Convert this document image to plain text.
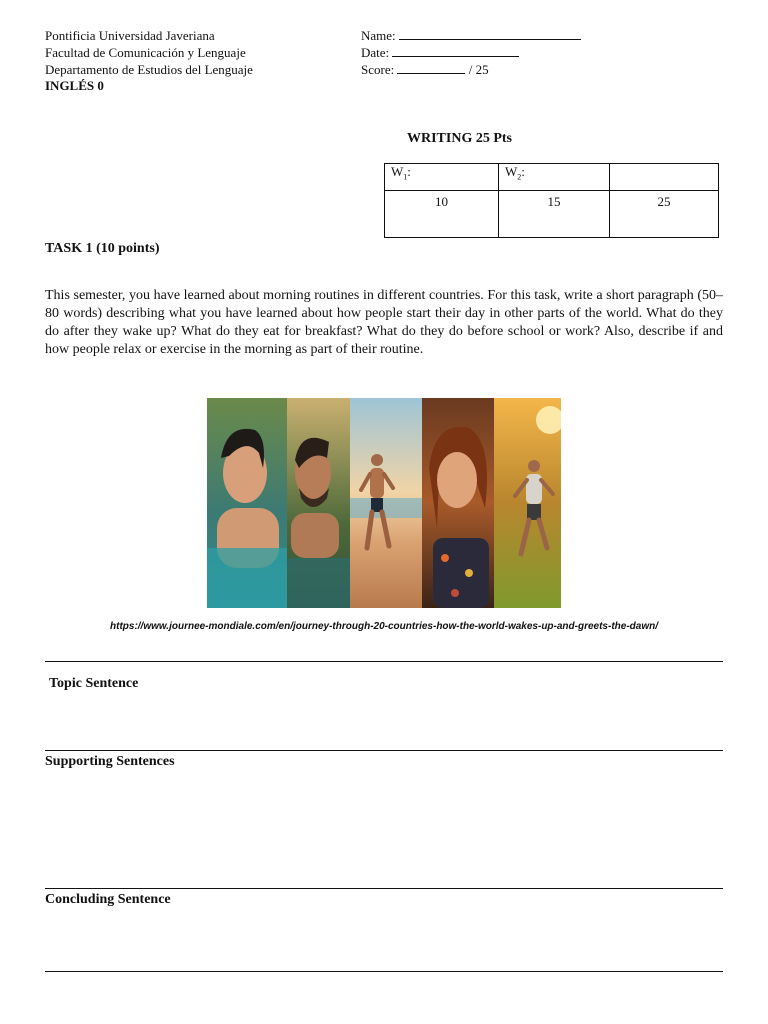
Pontificia Universidad Javeriana
Facultad de Comunicación y Lenguaje
Departamento de Estudios del Lenguaje
INGLÉS 0
Name:
Date:
Score:	/ 25
WRITING 25 Pts
$W_1$:	$W_2$:	
10	15	25
TASK 1 (10 points)
This semester, you have learned about morning routines in different countries. For this task, write a short paragraph (50–80 words) describing what you have learned about how people start their day in other parts of the world. What do they do after they wake up? What do they eat for breakfast? What do they do before school or work? Also, describe if and how people relax or exercise in the morning as part of their routine.
https://www.journee-mondiale.com/en/journey-through-20-countries-how-the-world-wakes-up-and-greets-the-dawn/
Topic Sentence
Supporting Sentences
Concluding Sentence
